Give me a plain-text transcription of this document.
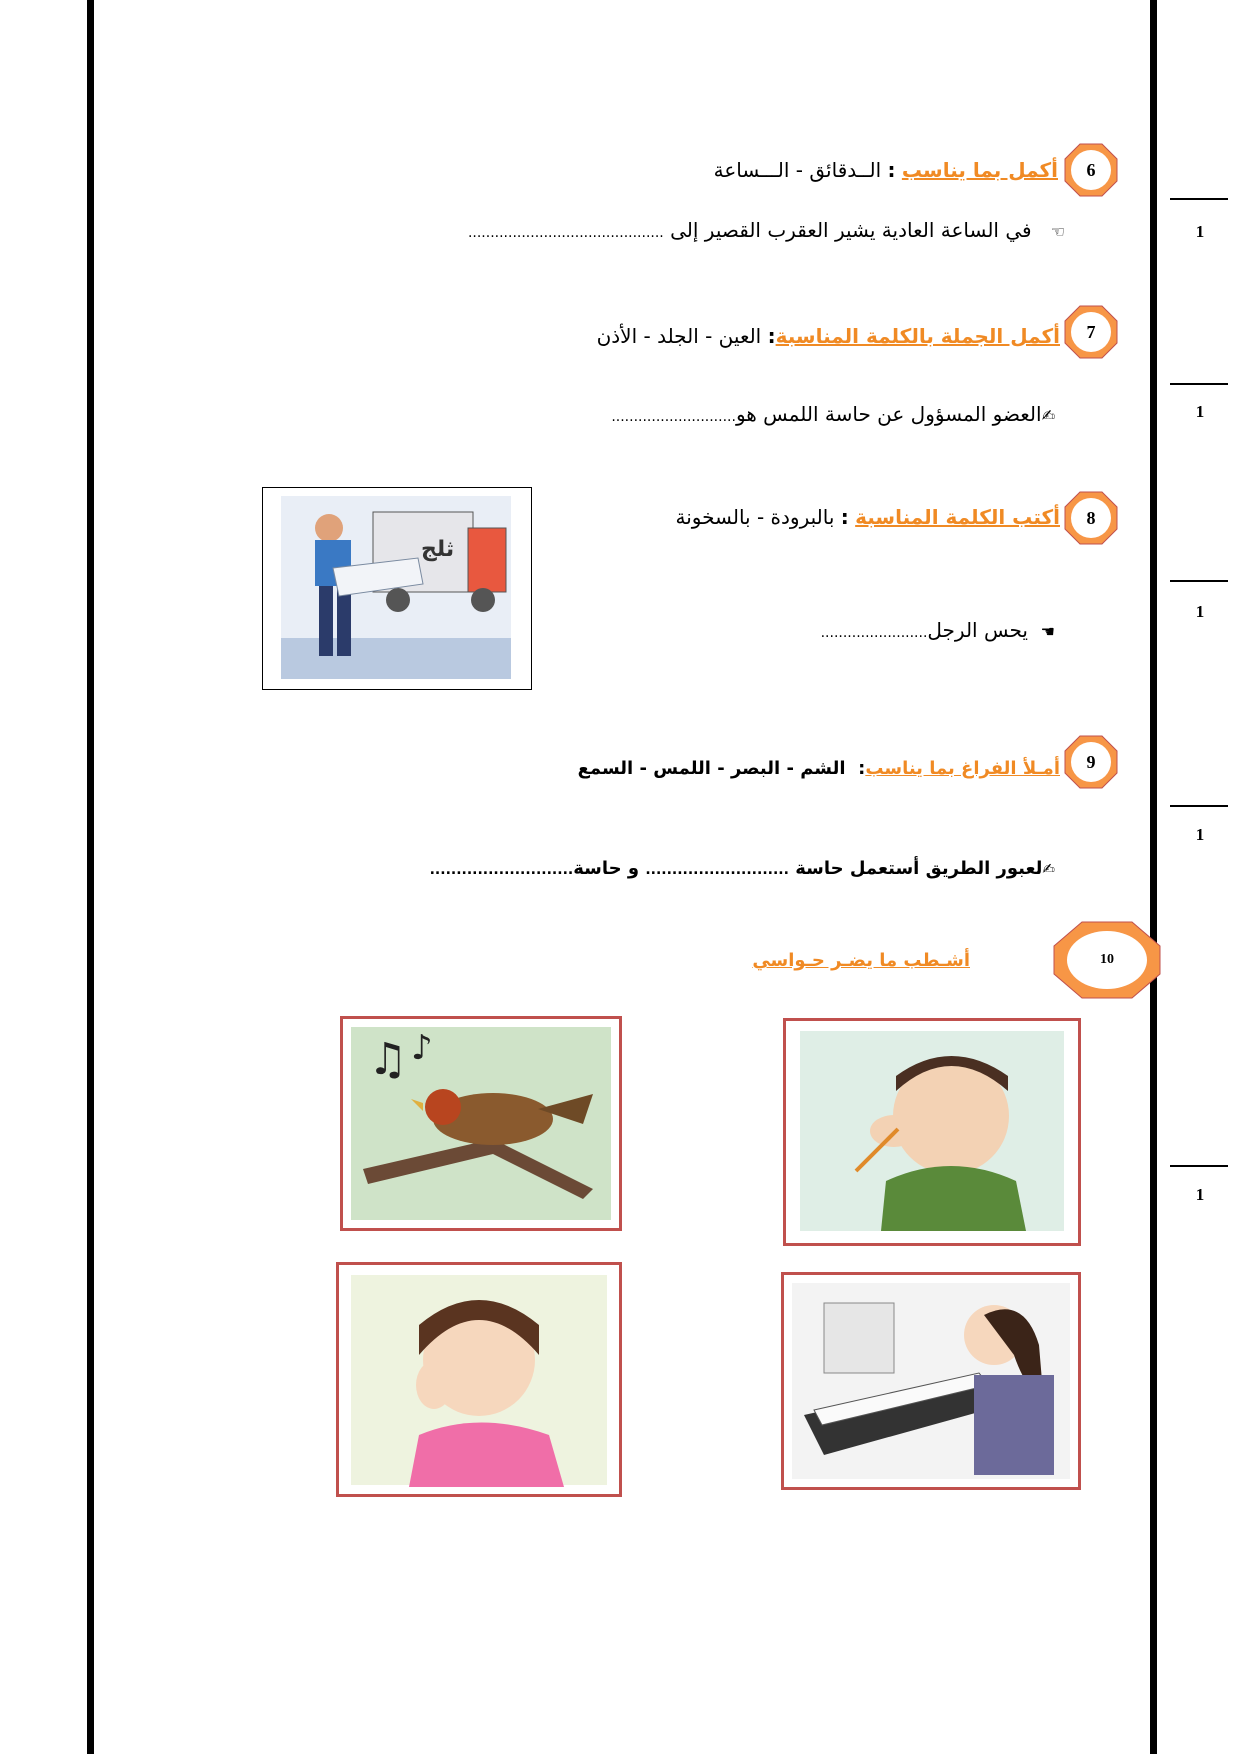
1
1
1
1
1
6
7
8
9
10
أكمل بما يناسب : الــدقائق - الـــساعة
☜   في الساعة العادية يشير العقرب القصير إلى ............................................
أكمل الجملة بالكلمة المناسبة: العين - الجلد - الأذن
✍العضو المسؤول عن حاسة اللمس هو............................
أكتب الكلمة المناسبة : بالبرودة - بالسخونة
☚  يحس الرجل........................
ثلج
أمـلأ الفراغ بما يناسب:  الشم - البصر - اللمس - السمع
✍لعبور الطريق أستعمل حاسة ........................... و حاسة...........................
أشـطب ما يضـر حـواسي
♫ ♪
